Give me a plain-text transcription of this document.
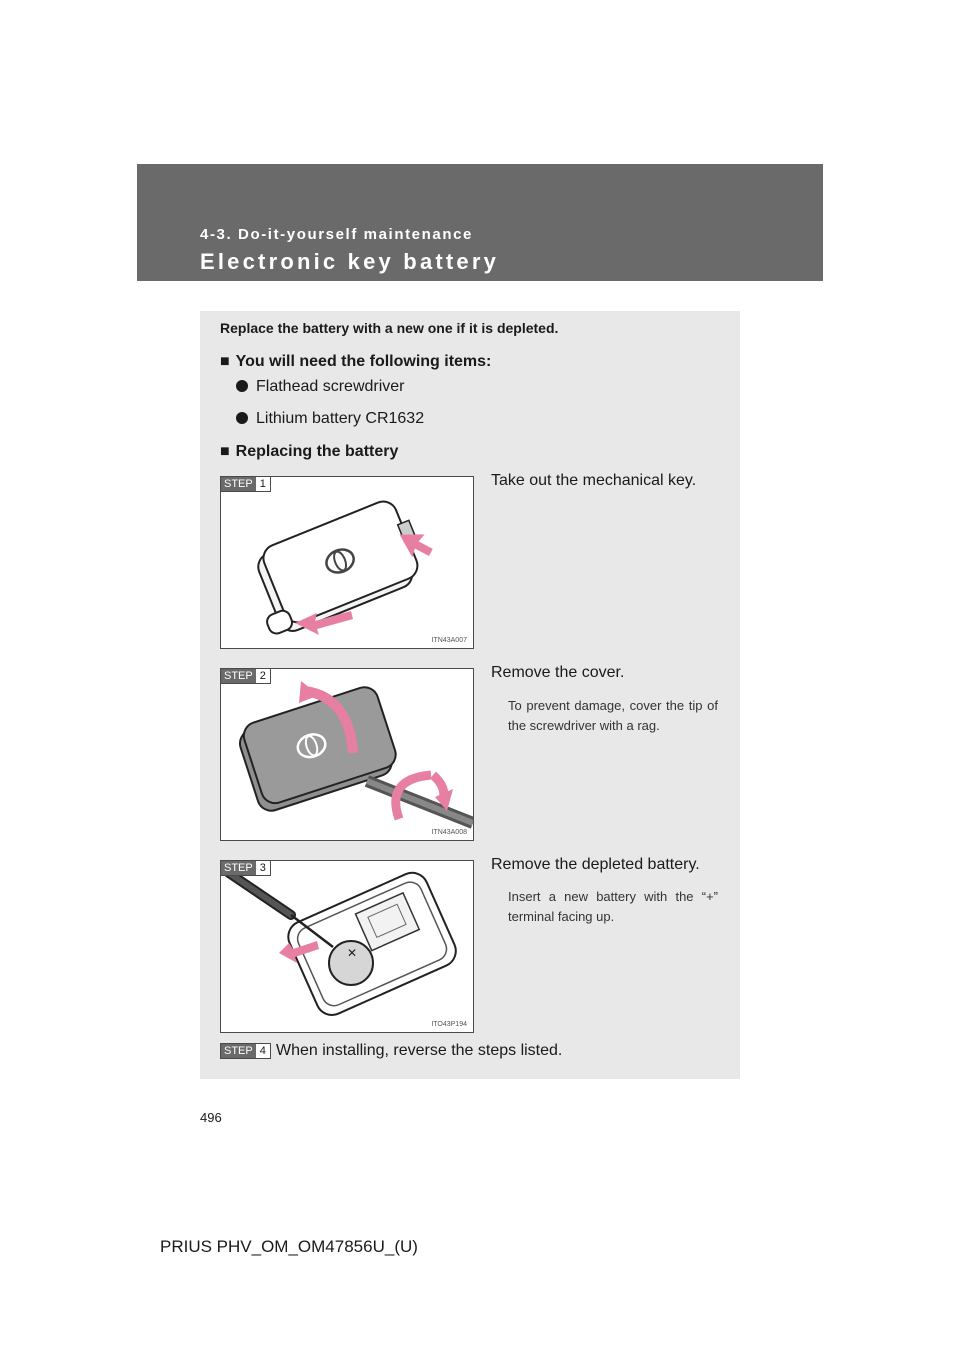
4-3. Do-it-yourself maintenance
Electronic key battery
Replace the battery with a new one if it is depleted.
■ You will need the following items:
Flathead screwdriver
Lithium battery CR1632
■ Replacing the battery
ITN43A007
STEP 1	Take out the mechanical key.
ITN43A008
STEP 2	Remove the cover.
To prevent damage, cover the tip of the screwdriver with a rag.
✕
ITO43P194
STEP 3	Remove the depleted battery.
Insert a new battery with the “+” terminal facing up.
STEP 4 When installing, reverse the steps listed.
496
PRIUS PHV_OM_OM47856U_(U)
